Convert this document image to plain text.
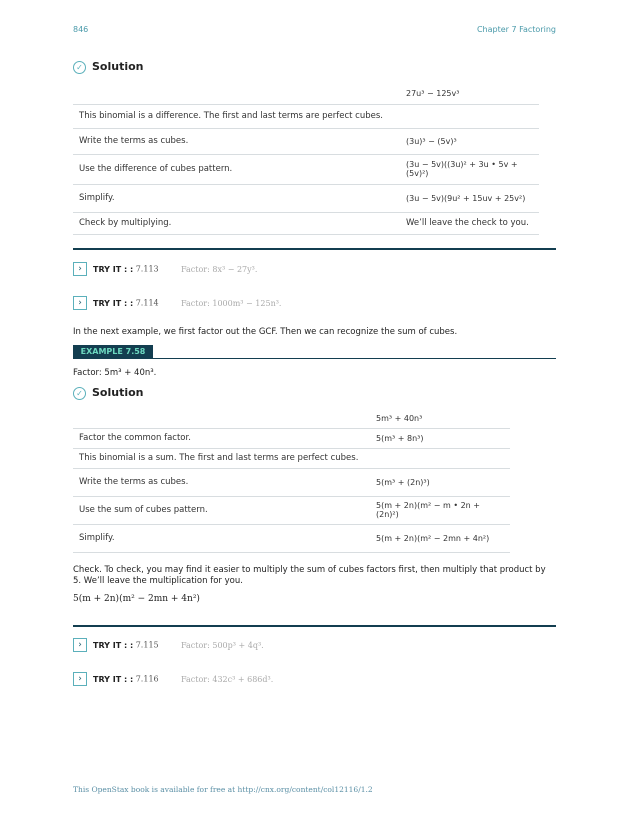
846	Chapter 7 Factoring
✓ Solution
	27u³ − 125v³
This binomial is a difference. The first and last terms are perfect cubes.	
Write the terms as cubes.	(3u)³ − (5v)³
Use the difference of cubes pattern.	(3u − 5v)((3u)² + 3u • 5v + (5v)²)
Simplify.	(3u − 5v)(9u² + 15uv + 25v²)
Check by multiplying.	We’ll leave the check to you.
› TRY IT : : 7.113	Factor: 8x³ − 27y³.
› TRY IT : : 7.114	Factor: 1000m³ − 125n³.
In the next example, we first factor out the GCF. Then we can recognize the sum of cubes.
EXAMPLE 7.58
Factor: 5m³ + 40n³.
✓ Solution
	5m³ + 40n³
Factor the common factor.	5(m³ + 8n³)
This binomial is a sum. The first and last terms are perfect cubes.	
Write the terms as cubes.	5(m³ + (2n)³)
Use the sum of cubes pattern.	5(m + 2n)(m² − m • 2n + (2n)²)
Simplify.	5(m + 2n)(m² − 2mn + 4n²)
Check. To check, you may find it easier to multiply the sum of cubes factors first, then multiply that product by 5. We’ll leave the multiplication for you.
5(m + 2n)(m² − 2mn + 4n²)
› TRY IT : : 7.115	Factor: 500p³ + 4q³.
› TRY IT : : 7.116	Factor: 432c³ + 686d³.
This OpenStax book is available for free at http://cnx.org/content/col12116/1.2
